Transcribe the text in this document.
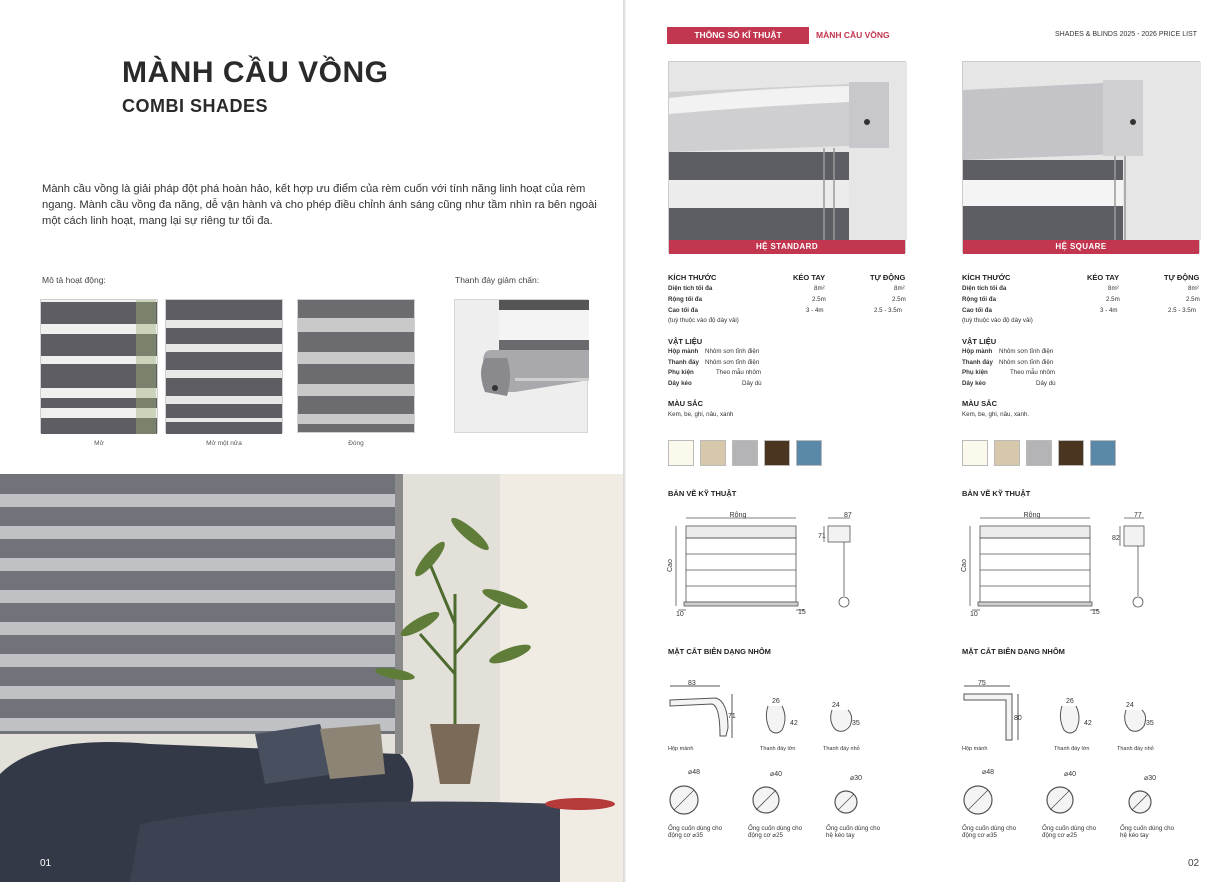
MÀNH CẦU VỒNG
COMBI SHADES

Mành cầu vồng là giải pháp đột phá hoàn hảo, kết hợp ưu điểm của rèm cuốn với tính năng linh hoạt của rèm ngang. Mành cầu vồng đa năng, dễ vận hành và cho phép điều chỉnh ánh sáng cũng như tầm nhìn ra bên ngoài một cách linh hoạt, mang lại sự riêng tư tối đa.

Mô tả hoạt động:	Thanh đáy giảm chấn:
Mở	Mở một nửa	Đóng
01
THÔNG SỐ KĨ THUẬT	MÀNH CẦU VỒNG	SHADES & BLINDS 2025 - 2026 PRICE LIST
HỆ STANDARD
KÍCH THƯỚC	KÉO TAY	TỰ ĐỘNG
Diện tích tối đa	8m²	8m²
Rộng tối đa	2.5m	2.5m
Cao tối đa	3 - 4m	2.5 - 3.5m
(tuỳ thuộc vào độ dày vải)
VẬT LIỆU
Hộp mành Nhôm sơn tĩnh điện
Thanh đáy Nhôm sơn tĩnh điện
Phụ kiện	Theo mẫu nhôm
Dây kéo	Dây dù
MÀU SẮC
Kem, be, ghi, nâu, xanh
BẢN VẼ KỸ THUẬT
Rộng
Cao
87
71
10	15
MẶT CẮT BIÊN DẠNG NHÔM
83
71
26
42
24
35
Hộp mành	Thanh đáy lớn	Thanh đáy nhỏ
⌀48	⌀40
⌀30
Ống cuốn dùng cho động cơ ⌀35
Ống cuốn dùng cho động cơ ⌀25
Ống cuốn dùng cho hệ kéo tay
HỆ SQUARE
KÍCH THƯỚC	KÉO TAY	TỰ ĐỘNG
Diện tích tối đa	8m²	8m²
Rộng tối đa	2.5m	2.5m
Cao tối đa	3 - 4m	2.5 - 3.5m
(tuỳ thuộc vào độ dày vải)
VẬT LIỆU
Hộp mành Nhôm sơn tĩnh điện
Thanh đáy Nhôm sơn tĩnh điện
Phụ kiện	Theo mẫu nhôm
Dây kéo	Dây dù
MÀU SẮC
Kem, be, ghi, nâu, xanh.
BẢN VẼ KỸ THUẬT
Rộng
Cao
77
82
10	15
MẶT CẮT BIÊN DẠNG NHÔM
75
80
26
42
24
35
Hộp mành	Thanh đáy lớn	Thanh đáy nhỏ
⌀48	⌀40
⌀30
Ống cuốn dùng cho động cơ ⌀35
Ống cuốn dùng cho động cơ ⌀25
Ống cuốn dùng cho hệ kéo tay
02
